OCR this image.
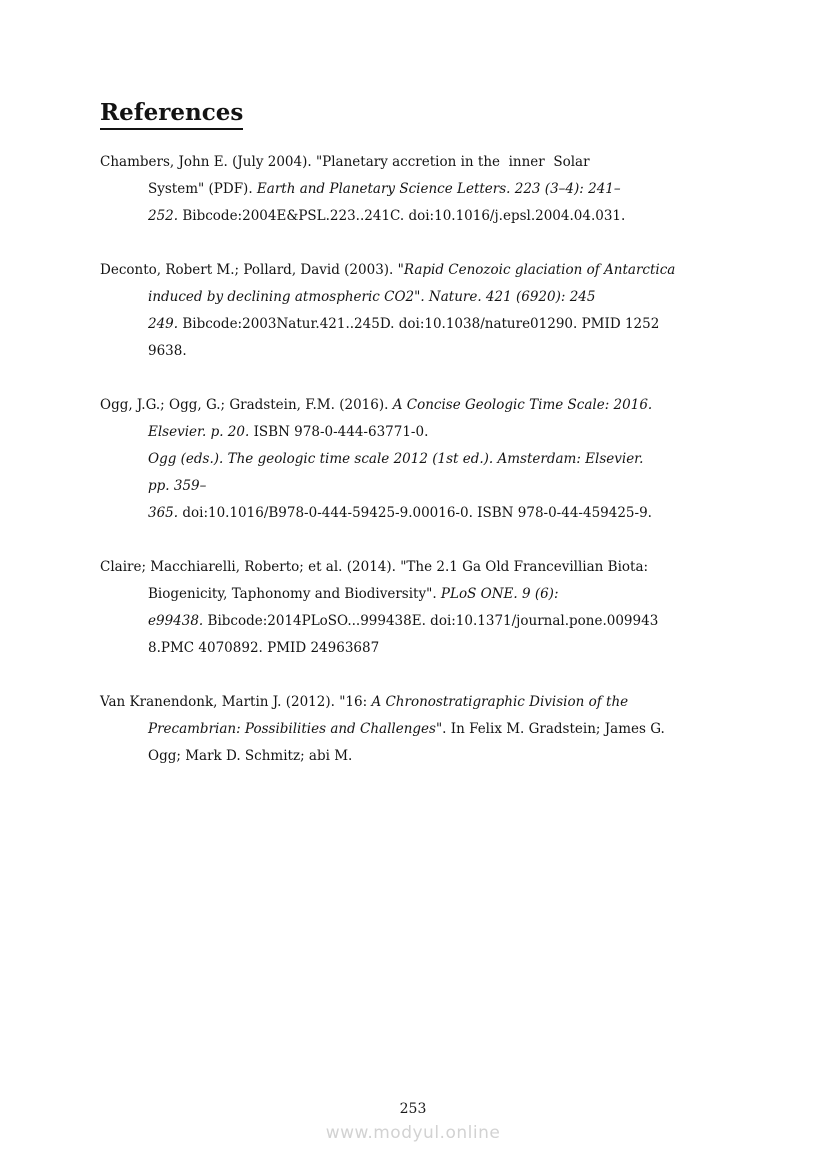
References
Chambers, John E. (July 2004). "Planetary accretion in the  inner  Solar
System" (PDF). Earth and Planetary Science Letters. 223 (3–4): 241–
252. Bibcode:2004E&PSL.223..241C. doi:10.1016/j.epsl.2004.04.031.
Deconto, Robert M.; Pollard, David (2003). "Rapid Cenozoic glaciation of Antarctica
induced by declining atmospheric CO2". Nature. 421 (6920): 245
249. Bibcode:2003Natur.421..245D. doi:10.1038/nature01290. PMID 1252
9638.
Ogg, J.G.; Ogg, G.; Gradstein, F.M. (2016). A Concise Geologic Time Scale: 2016.
Elsevier. p. 20. ISBN 978-0-444-63771-0.
Ogg (eds.). The geologic time scale 2012 (1st ed.). Amsterdam: Elsevier.
pp. 359–
365. doi:10.1016/B978-0-444-59425-9.00016-0. ISBN 978-0-44-459425-9.
Claire; Macchiarelli, Roberto; et al. (2014). "The 2.1 Ga Old Francevillian Biota:
Biogenicity, Taphonomy and Biodiversity". PLoS ONE. 9 (6):
e99438. Bibcode:2014PLoSO...999438E. doi:10.1371/journal.pone.009943
8.PMC 4070892. PMID 24963687
Van Kranendonk, Martin J. (2012). "16: A Chronostratigraphic Division of the
Precambrian: Possibilities and Challenges". In Felix M. Gradstein; James G.
Ogg; Mark D. Schmitz; abi M.
253
www.modyul.online
